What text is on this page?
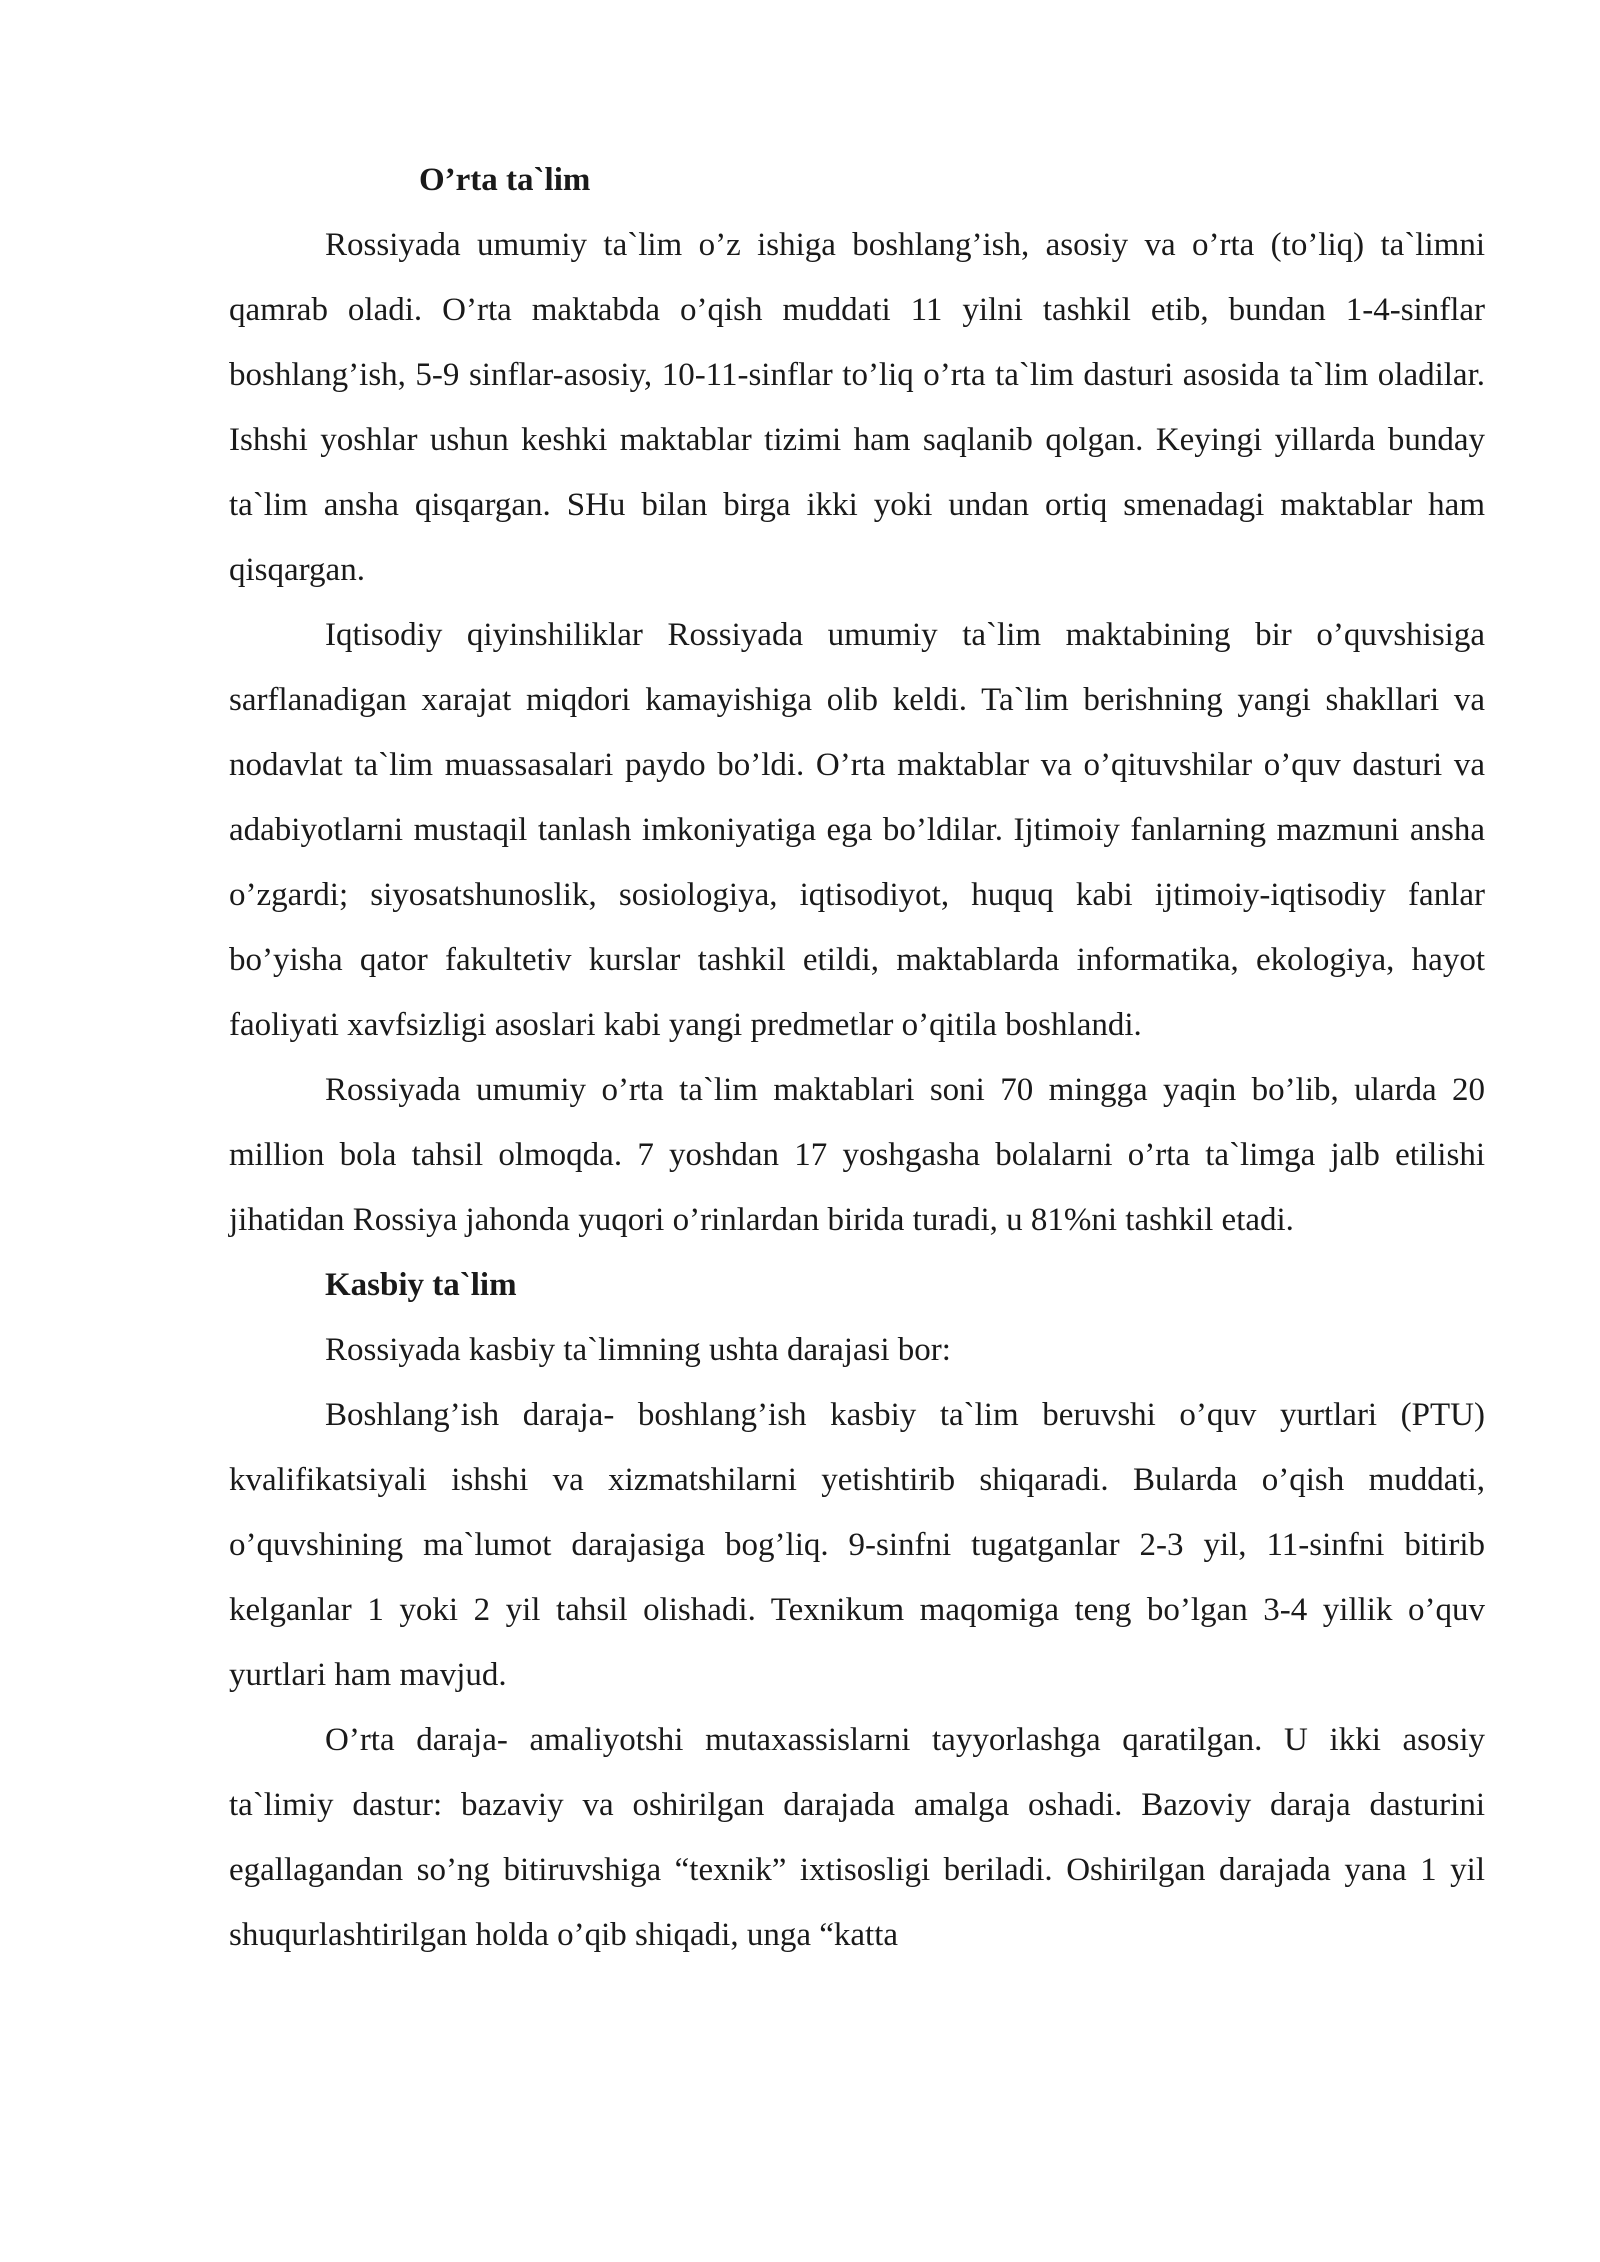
O’rta ta`lim

Rossiyada umumiy ta`lim o’z ishiga boshlang’ish, asosiy va o’rta (to’liq) ta`limni qamrab oladi. O’rta maktabda o’qish muddati 11 yilni tashkil etib, bundan 1-4-sinflar boshlang’ish, 5-9 sinflar-asosiy, 10-11-sinflar to’liq o’rta ta`lim dasturi asosida ta`lim oladilar. Ishshi yoshlar ushun keshki maktablar tizimi ham saqlanib qolgan. Keyingi yillarda bunday ta`lim ansha qisqargan. SHu bilan birga ikki yoki undan ortiq smenadagi maktablar ham qisqargan.

Iqtisodiy qiyinshiliklar Rossiyada umumiy ta`lim maktabining bir o’quvshisiga sarflanadigan xarajat miqdori kamayishiga olib keldi. Ta`lim berishning yangi shakllari va nodavlat ta`lim muassasalari paydo bo’ldi. O’rta maktablar va o’qituvshilar o’quv dasturi va adabiyotlarni mustaqil tanlash imkoniyatiga ega bo’ldilar. Ijtimoiy fanlarning mazmuni ansha o’zgardi; siyosatshunoslik, sosiologiya, iqtisodiyot, huquq kabi ijtimoiy-iqtisodiy fanlar bo’yisha qator fakultetiv kurslar tashkil etildi, maktablarda informatika, ekologiya, hayot faoliyati xavfsizligi asoslari kabi yangi predmetlar o’qitila boshlandi.

Rossiyada umumiy o’rta ta`lim maktablari soni 70 mingga yaqin bo’lib, ularda 20 million bola tahsil olmoqda. 7 yoshdan 17 yoshgasha bolalarni o’rta ta`limga jalb etilishi jihatidan Rossiya jahonda yuqori o’rinlardan birida turadi, u 81%ni tashkil etadi.

Kasbiy ta`lim

Rossiyada kasbiy ta`limning ushta darajasi bor:

Boshlang’ish daraja- boshlang’ish kasbiy ta`lim beruvshi o’quv yurtlari (PTU) kvalifikatsiyali ishshi va xizmatshilarni yetishtirib shiqaradi. Bularda o’qish muddati, o’quvshining ma`lumot darajasiga bog’liq. 9-sinfni tugatganlar 2-3 yil, 11-sinfni bitirib kelganlar 1 yoki 2 yil tahsil olishadi. Texnikum maqomiga teng bo’lgan 3-4 yillik o’quv yurtlari ham mavjud.

O’rta daraja- amaliyotshi mutaxassislarni tayyorlashga qaratilgan. U ikki asosiy ta`limiy dastur: bazaviy va oshirilgan darajada amalga oshadi. Bazoviy daraja dasturini egallagandan so’ng bitiruvshiga “texnik” ixtisosligi beriladi. Oshirilgan darajada yana 1 yil shuqurlashtirilgan holda o’qib shiqadi, unga “katta
